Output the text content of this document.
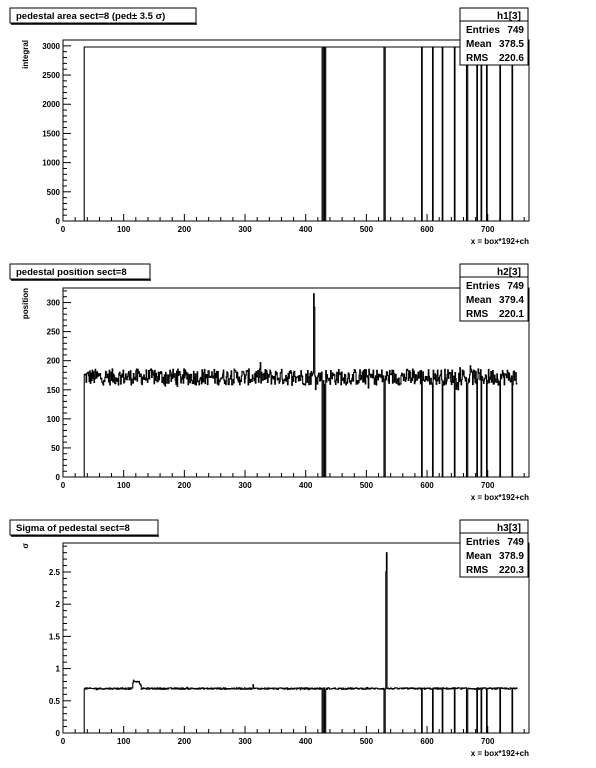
0	100	200	300	400	500	600	700
0
500
1000
1500
2000
2500
3000
x = box*192+ch
integral
pedestal area sect=8 (ped± 3.5 σ)	h1[3]
Entries 749
Mean 378.5
RMS 220.6
0	100	200	300	400	500	600	700
0
50
100
150
200
250
300
x = box*192+ch
position
pedestal position sect=8	h2[3]
Entries 749
Mean 379.4
RMS 220.1
0	100	200	300	400	500	600	700
0
0.5
1
1.5
2
2.5
x = box*192+ch
σ
Sigma of pedestal sect=8	h3[3]
Entries 749
Mean 378.9
RMS 220.3
